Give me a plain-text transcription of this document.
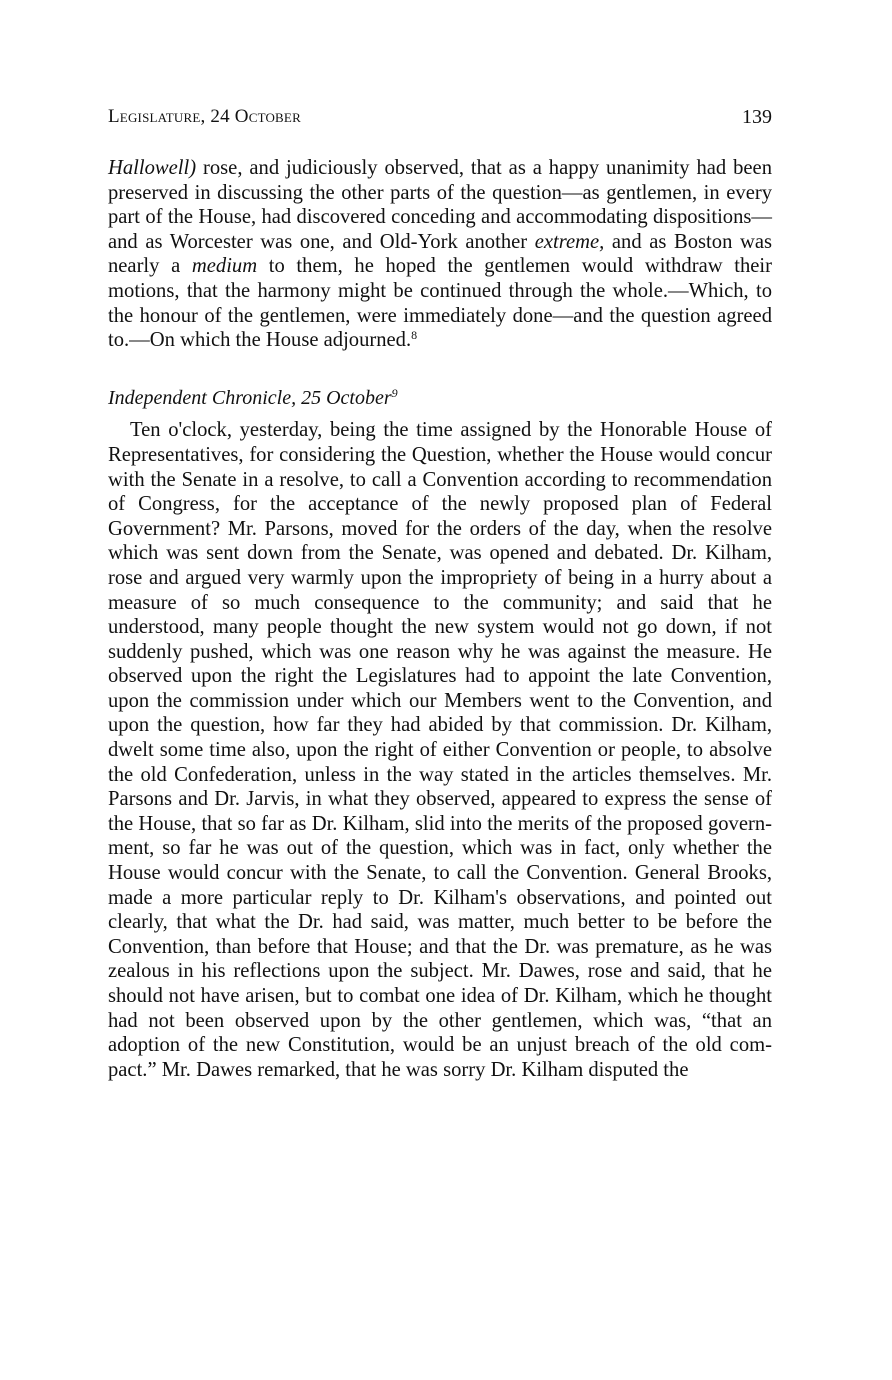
Legislature, 24 October	139

Hallowell) rose, and judiciously observed, that as a happy unanimity had been preserved in discussing the other parts of the question—as gentlemen, in every part of the House, had discovered conceding and accommodating dispositions—and as Worcester was one, and Old-York another extreme, and as Boston was nearly a medium to them, he hoped the gentlemen would withdraw their motions, that the harmony might be continued through the whole.—Which, to the honour of the gentlemen, were immediately done—and the question agreed to.—On which the House adjourned.$^8$

Independent Chronicle, 25 October$^9$

Ten o'clock, yesterday, being the time assigned by the Honorable House of Representatives, for considering the Question, whether the House would concur with the Senate in a resolve, to call a Convention according to recommendation of Congress, for the acceptance of the newly proposed plan of Federal Government? Mr. Parsons, moved for the orders of the day, when the resolve which was sent down from the Senate, was opened and debated. Dr. Kilham, rose and argued very warmly upon the impropriety of being in a hurry about a measure of so much consequence to the community; and said that he understood, many people thought the new system would not go down, if not suddenly pushed, which was one reason why he was against the measure. He observed upon the right the Legislatures had to appoint the late Convention, upon the commission under which our Members went to the Convention, and upon the question, how far they had abided by that commission. Dr. Kilham, dwelt some time also, upon the right of either Convention or people, to absolve the old Confederation, unless in the way stated in the articles themselves. Mr. Parsons and Dr. Jarvis, in what they observed, appeared to express the sense of the House, that so far as Dr. Kilham, slid into the merits of the proposed government, so far he was out of the question, which was in fact, only whether the House would concur with the Senate, to call the Convention. General Brooks, made a more particular reply to Dr. Kilham's observations, and pointed out clearly, that what the Dr. had said, was matter, much better to be before the Convention, than before that House; and that the Dr. was premature, as he was zealous in his reflections upon the subject. Mr. Dawes, rose and said, that he should not have arisen, but to combat one idea of Dr. Kilham, which he thought had not been observed upon by the other gentlemen, which was, “that an adoption of the new Constitution, would be an unjust breach of the old compact.” Mr. Dawes remarked, that he was sorry Dr. Kilham disputed the
